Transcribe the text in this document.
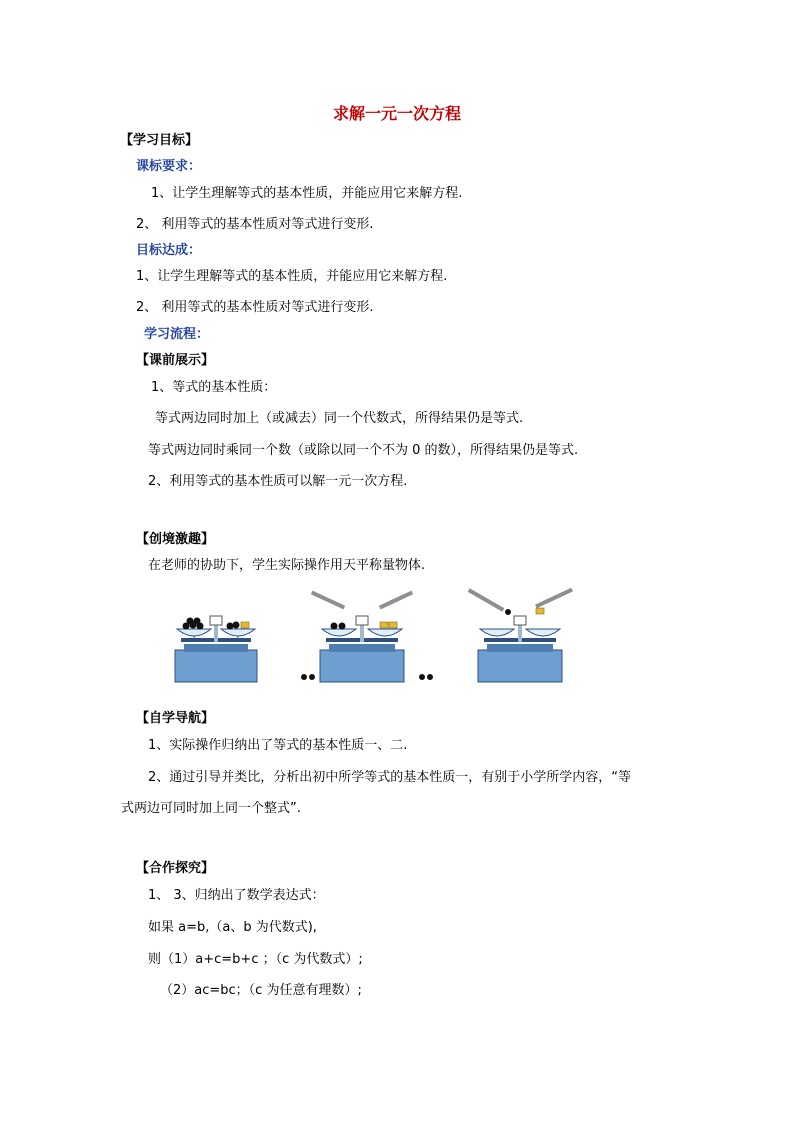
求解一元一次方程
【学习目标】
课标要求：
1、让学生理解等式的基本性质，并能应用它来解方程.
2、 利用等式的基本性质对等式进行变形.
目标达成：
1、让学生理解等式的基本性质，并能应用它来解方程.
2、 利用等式的基本性质对等式进行变形.
学习流程：
【课前展示】
1、等式的基本性质：
等式两边同时加上（或减去）同一个代数式，所得结果仍是等式.
等式两边同时乘同一个数（或除以同一个不为 0 的数），所得结果仍是等式.
2、利用等式的基本性质可以解一元一次方程.
【创境激趣】
在老师的协助下，学生实际操作用天平称量物体.
【自学导航】
1、实际操作归纳出了等式的基本性质一、二.
2、通过引导并类比，分析出初中所学等式的基本性质一，有别于小学所学内容，“等
式两边可同时加上同一个整式”.
【合作探究】
1、 3、归纳出了数学表达式：
如果 a=b,（a、b 为代数式),
则（1）a+c=b+c ；（c 为代数式）;
（2）ac=bc；（c 为任意有理数）;
